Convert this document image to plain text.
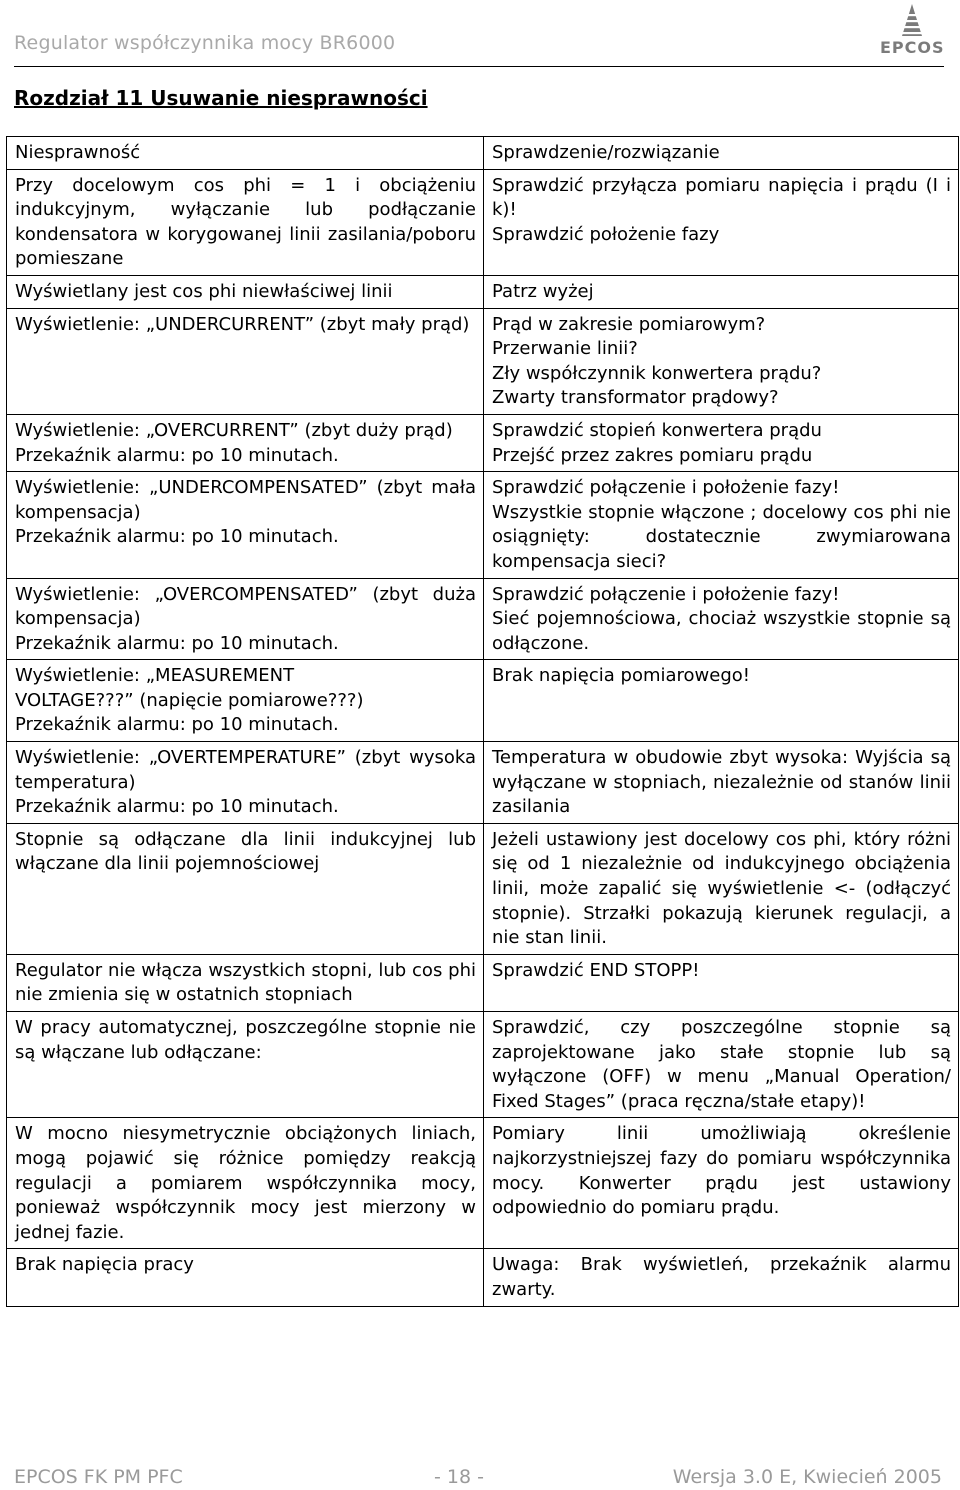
Regulator współczynnika mocy BR6000	EPCOS
Rozdział 11 Usuwanie niesprawności
Niesprawność	Sprawdzenie/rozwiązanie

Przy docelowym cos phi = 1 i obciążeniu indukcyjnym, wyłączanie lub podłączanie kondensatora w korygowanej linii zasilania/poboru pomieszane	Sprawdzić przyłącza pomiaru napięcia i prądu (I i k)!
Sprawdzić położenie fazy

Wyświetlany jest cos phi niewłaściwej linii	Patrz wyżej

Wyświetlenie: „UNDERCURRENT” (zbyt mały prąd)	Prąd w zakresie pomiarowym?
Przerwanie linii?
Zły współczynnik konwertera prądu?
Zwarty transformator prądowy?

Wyświetlenie: „OVERCURRENT” (zbyt duży prąd)
Przekaźnik alarmu: po 10 minutach.	Sprawdzić stopień konwertera prądu
Przejść przez zakres pomiaru prądu

Wyświetlenie: „UNDERCOMPENSATED” (zbyt mała kompensacja)
Przekaźnik alarmu: po 10 minutach.	Sprawdzić połączenie i położenie fazy!
Wszystkie stopnie włączone ; docelowy cos phi nie osiągnięty: dostatecznie zwymiarowana kompensacja sieci?

Wyświetlenie: „OVERCOMPENSATED” (zbyt duża kompensacja)
Przekaźnik alarmu: po 10 minutach.	Sprawdzić połączenie i położenie fazy!
Sieć pojemnościowa, chociaż wszystkie stopnie są odłączone.

Wyświetlenie: „MEASUREMENT
VOLTAGE???” (napięcie pomiarowe???)
Przekaźnik alarmu: po 10 minutach.	Brak napięcia pomiarowego!

Wyświetlenie: „OVERTEMPERATURE” (zbyt wysoka temperatura)
Przekaźnik alarmu: po 10 minutach.	Temperatura w obudowie zbyt wysoka: Wyjścia są wyłączane w stopniach, niezależnie od stanów linii zasilania

Stopnie są odłączane dla linii indukcyjnej lub włączane dla linii pojemnościowej	Jeżeli ustawiony jest docelowy cos phi, który różni się od 1 niezależnie od indukcyjnego obciążenia linii, może zapalić się wyświetlenie <- (odłączyć stopnie). Strzałki pokazują kierunek regulacji, a nie stan linii.

Regulator nie włącza wszystkich stopni, lub cos phi nie zmienia się w ostatnich stopniach	Sprawdzić END STOPP!

W pracy automatycznej, poszczególne stopnie nie są włączane lub odłączane:	Sprawdzić, czy poszczególne stopnie są zaprojektowane jako stałe stopnie lub są wyłączone (OFF) w menu „Manual Operation/ Fixed Stages” (praca ręczna/stałe etapy)!

W mocno niesymetrycznie obciążonych liniach, mogą pojawić się różnice pomiędzy reakcją regulacji a pomiarem współczynnika mocy, ponieważ współczynnik mocy jest mierzony w jednej fazie.	Pomiary linii umożliwiają określenie najkorzystniejszej fazy do pomiaru współczynnika mocy. Konwerter prądu jest ustawiony odpowiednio do pomiaru prądu.

Brak napięcia pracy	Uwaga: Brak wyświetleń, przekaźnik alarmu zwarty.
EPCOS FK PM PFC	- 18 -	Wersja 3.0 E, Kwiecień 2005
